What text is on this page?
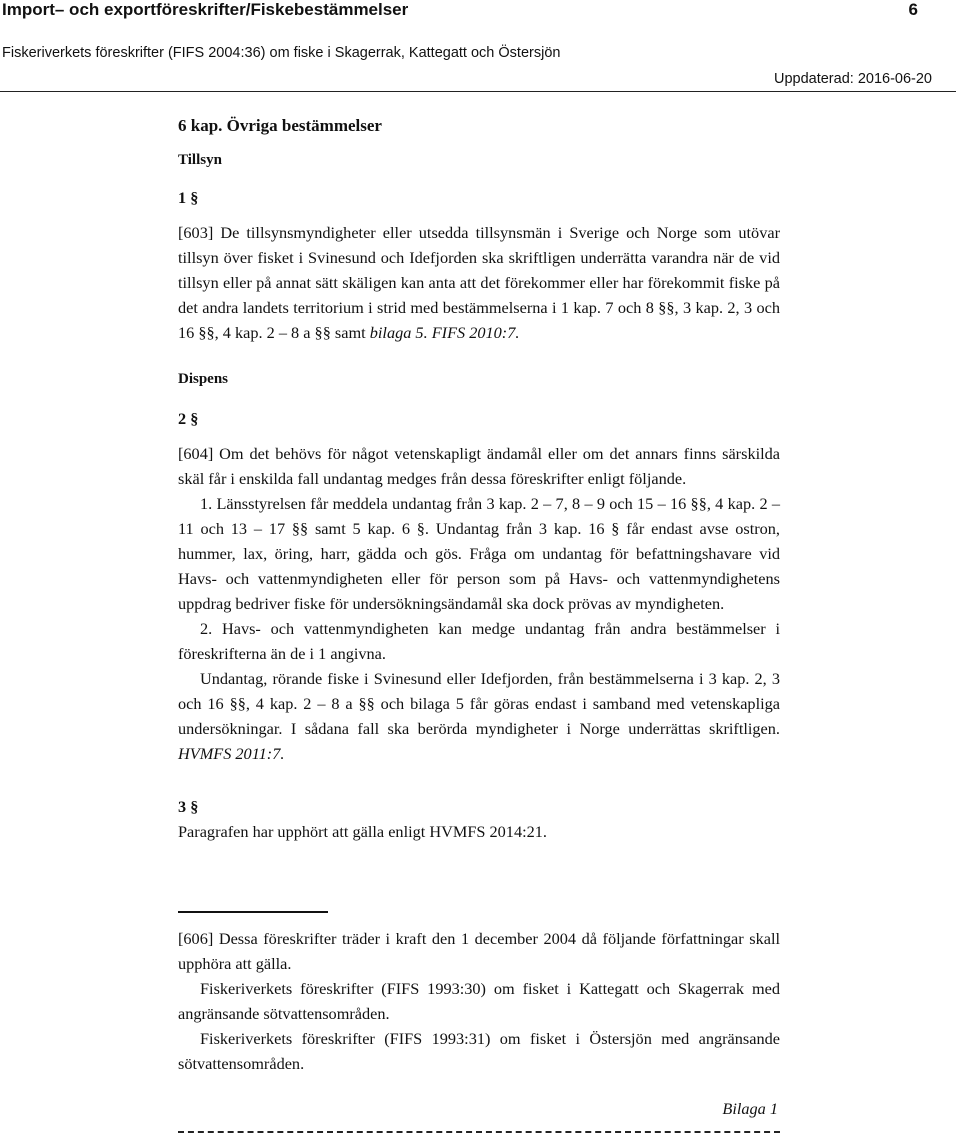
Import– och exportföreskrifter/Fiskebestämmelser	6
Fiskeriverkets föreskrifter (FIFS 2004:36) om fiske i Skagerrak, Kattegatt och Östersjön
Uppdaterad: 2016-06-20

6 kap. Övriga bestämmelser

Tillsyn

1 §

[603] De tillsynsmyndigheter eller utsedda tillsynsmän i Sverige och Norge som utövar tillsyn över fisket i Svinesund och Idefjorden ska skriftligen underrätta varandra när de vid tillsyn eller på annat sätt skäligen kan anta att det förekommer eller har förekommit fiske på det andra landets territorium i strid med bestämmelserna i 1 kap. 7 och 8 §§, 3 kap. 2, 3 och 16 §§, 4 kap. 2 – 8 a §§ samt bilaga 5. FIFS 2010:7.

Dispens

2 §

[604] Om det behövs för något vetenskapligt ändamål eller om det annars finns särskilda skäl får i enskilda fall undantag medges från dessa föreskrifter enligt följande.

1. Länsstyrelsen får meddela undantag från 3 kap. 2 – 7, 8 – 9 och 15 – 16 §§, 4 kap. 2 – 11 och 13 – 17 §§ samt 5 kap. 6 §. Undantag från 3 kap. 16 § får endast avse ostron, hummer, lax, öring, harr, gädda och gös. Fråga om undantag för befattningshavare vid Havs- och vattenmyndigheten eller för person som på Havs- och vattenmyndighetens uppdrag bedriver fiske för undersökningsändamål ska dock prövas av myndigheten.

2. Havs- och vattenmyndigheten kan medge undantag från andra bestämmelser i föreskrifterna än de i 1 angivna.

Undantag, rörande fiske i Svinesund eller Idefjorden, från bestämmelserna i 3 kap. 2, 3 och 16 §§, 4 kap. 2 – 8 a §§ och bilaga 5 får göras endast i samband med vetenskapliga undersökningar. I sådana fall ska berörda myndigheter i Norge underrättas skriftligen. HVMFS 2011:7.

3 §

Paragrafen har upphört att gälla enligt HVMFS 2014:21.

[606] Dessa föreskrifter träder i kraft den 1 december 2004 då följande författningar skall upphöra att gälla.

Fiskeriverkets föreskrifter (FIFS 1993:30) om fisket i Kattegatt och Skagerrak med angränsande sötvattensområden.

Fiskeriverkets föreskrifter (FIFS 1993:31) om fisket i Östersjön med angränsande sötvattensområden.

Bilaga 1
